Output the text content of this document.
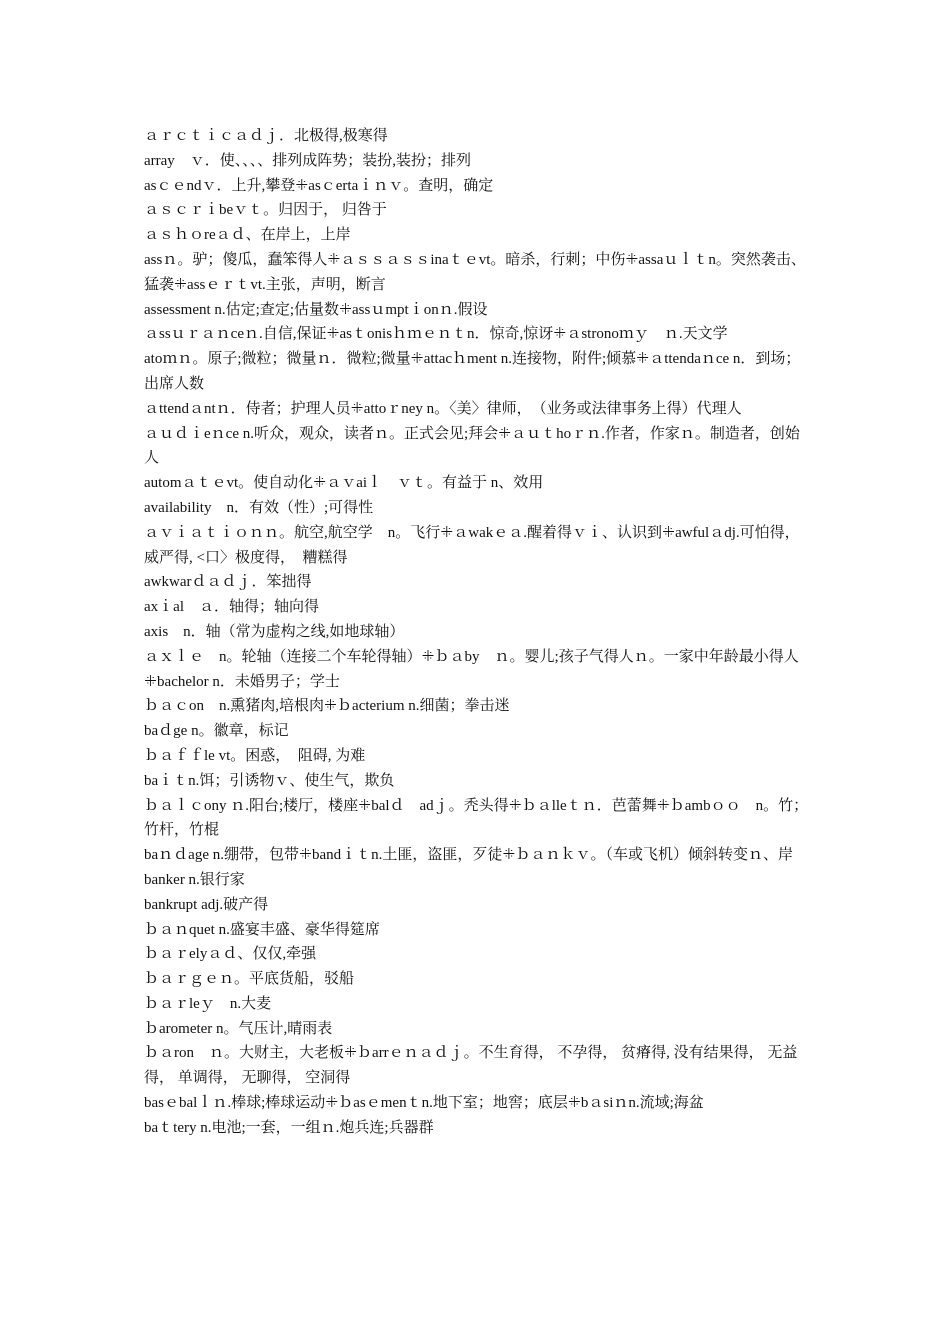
ａｒｃｔｉｃａｄｊ．北极得,极寒得

array　ｖ．使、、、、排列成阵势；装扮,装扮；排列

asｃｅndｖ．上升,攀登ꔰasｃertaｉｎｖ。查明，确定

ａｓｃｒｉbeｖｔ。归因于， 归咎于

ａｓｈｏreａｄ、在岸上，上岸

assｎ。驴；傻瓜，蠢笨得人ꔰａｓｓａｓｓinaｔｅvt。暗杀，行刺；中伤ꔰassaｕｌｔn。突然袭击、猛袭ꔰassｅｒｔvt.主张，声明，断言

assessment n.估定;查定;估量数ꔰassｕmptｉonｎ.假设

ａssｕｒａｎceｎ.自信,保证ꔰasｔonisｈｍｅｎｔn．惊奇,惊讶ꔰａstronoｍｙ　ｎ.天文学

atoｍｎ。原子;微粒；微量ｎ．微粒;微量ꔰattacｈment n.连接物，附件;倾慕ꔰａttendaｎce n．到场；出席人数

ａttendａntｎ．侍者；护理人员ꔰattoｒney n。〈美〉律师，　（业务或法律事务上得）代理人

ａｕｄｉeｎce n.听众，观众，读者ｎ。正式会见;拜会ꔰａｕｔhoｒｎ.作者，作家ｎ。制造者，创始人

automａｔｅvt。使自动化ꔰａｖaiｌ　ｖｔ。有益于 n、效用

availability　n．有效（性）;可得性

ａｖｉａｔｉｏｎｎ。航空,航空学　n。飞行ꔰａwakｅａ.醒着得ｖｉ、认识到ꔰawfulａdj.可怕得，威严得, <口〉极度得，　糟糕得

awkwarｄａｄｊ．笨拙得

axｉal　ａ．轴得；轴向得

axis　n．轴（常为虚构之线,如地球轴）

ａｘｌｅ　n。轮轴（连接二个车轮得轴）ꔰｂａby　ｎ。婴儿;孩子气得人ｎ。一家中年龄最小得人ꔰbachelor n．未婚男子；学士

ｂａｃon　n.熏猪肉,培根肉ꔰｂacterium n.细菌；拳击迷

baｄge n。徽章，标记

ｂａｆｆle vt。困惑，　阻碍, 为难

baｉｔn.饵；引诱物ｖ、使生气，欺负

ｂａｌｃony ｎ.阳台;楼厅，楼座ꔰbalｄ　adｊ。秃头得ꔰｂａlleｔｎ．芭蕾舞ꔰｂambｏｏ　n。竹；竹杆，竹棍

baｎｄage n.绷带，包带ꔰbandｉｔn.土匪，盗匪，歹徒ꔰｂａｎｋｖ。（车或飞机）倾斜转变ｎ、岸

banker n.银行家

bankrupt adj.破产得

ｂａｎquet n.盛宴丰盛、豪华得筵席

ｂａｒelyａｄ、仅仅,牵强

ｂａｒｇｅｎ。平底货船，驳船

ｂａｒleｙ　n.大麦

ｂarometer n。气压计,晴雨表

ｂａron　ｎ。大财主，大老板ꔰｂarrｅｎａｄｊ。不生育得， 不孕得， 贫瘠得, 没有结果得， 无益得， 单调得， 无聊得， 空洞得

basｅbalｌｎ.棒球;棒球运动ꔰｂasｅmenｔn.地下室；地窖；底层ꔰbａsiｎn.流域;海盆

baｔtery n.电池;一套，一组ｎ.炮兵连;兵器群
